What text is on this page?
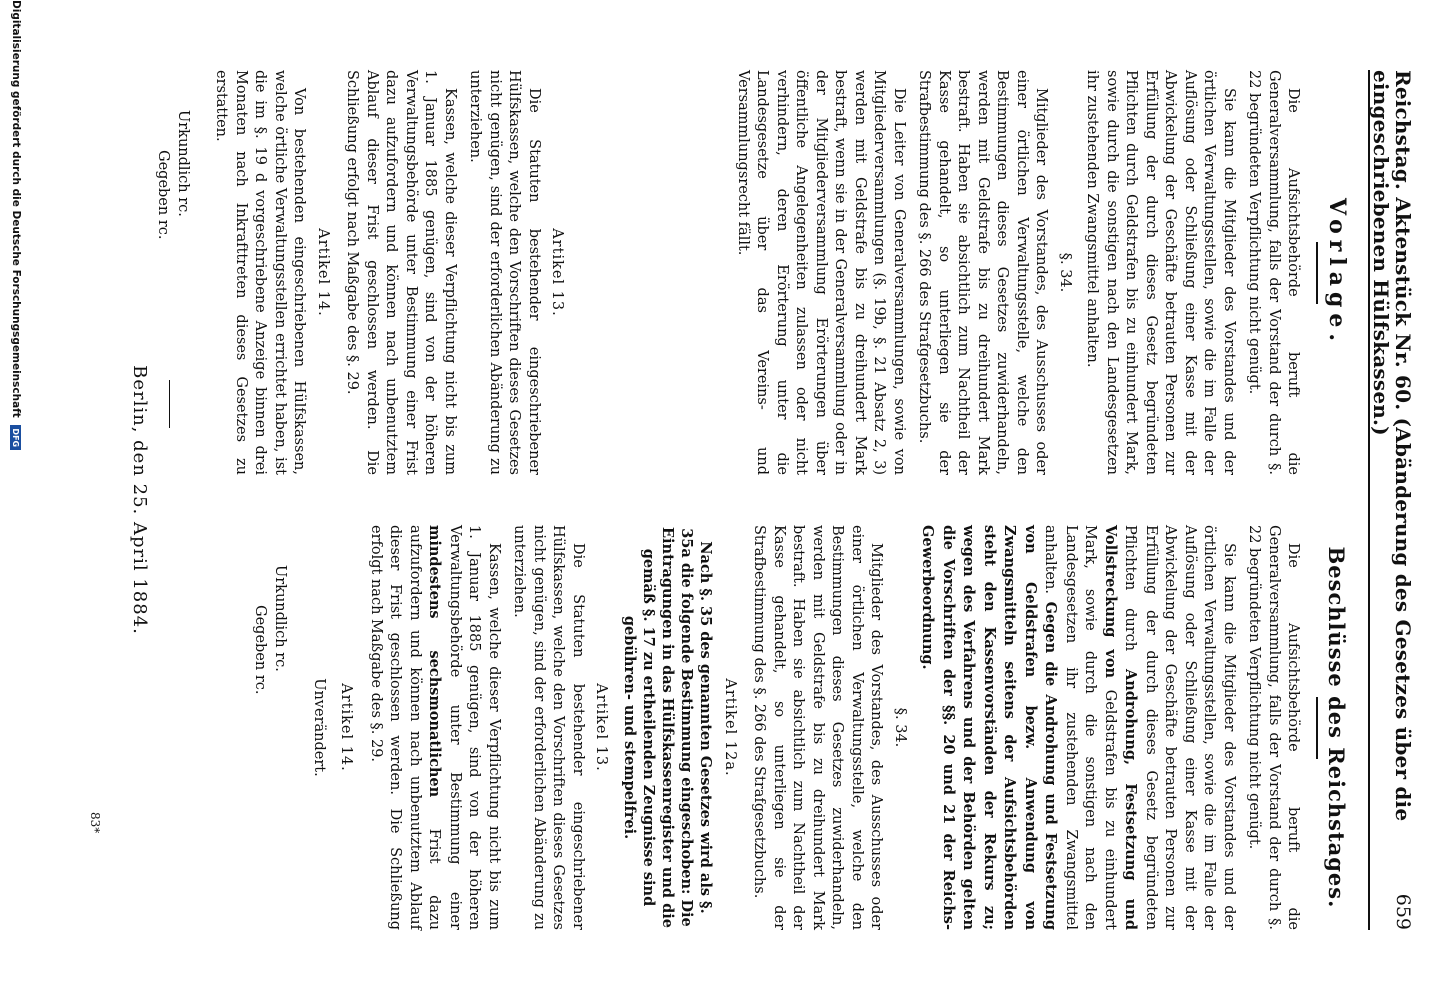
Reichstag. Aktenstück Nr. 60. (Abänderung des Gesetzes über die eingeschriebenen Hülfskassen.)
659
Vorlage.

Die Aufsichtsbehörde beruft die Generalversammlung, falls der Vorstand der durch §. 22 begründeten Verpflichtung nicht genügt.

Sie kann die Mitglieder des Vorstandes und der örtlichen Verwaltungsstellen, sowie die im Falle der Auflösung oder Schließung einer Kasse mit der Abwickelung der Geschäfte betrauten Personen zur Erfüllung der durch dieses Gesetz begründeten Pflichten durch Geldstrafen bis zu einhundert Mark, sowie durch die sonstigen nach den Landesgesetzen ihr zustehenden Zwangsmittel anhalten.

§. 34.

Mitglieder des Vorstandes, des Ausschusses oder einer örtlichen Verwaltungsstelle, welche den Bestimmungen dieses Gesetzes zuwiderhandeln, werden mit Geldstrafe bis zu dreihundert Mark bestraft. Haben sie absichtlich zum Nachtheil der Kasse gehandelt, so unterliegen sie der Strafbestimmung des §. 266 des Strafgesetzbuchs.

Die Leiter von Generalversammlungen, sowie von Mitgliederversammlungen (§. 19b, §. 21 Absatz 2, 3) werden mit Geldstrafe bis zu dreihundert Mark bestraft, wenn sie in der Generalversammlung oder in der Mitgliederversammlung Erörterungen über öffentliche Angelegenheiten zulassen oder nicht verhindern, deren Erörterung unter die Landesgesetze über das Vereins- und Versammlungsrecht fällt.

Artikel 13.

Die Statuten bestehender eingeschriebener Hülfskassen, welche den Vorschriften dieses Gesetzes nicht genügen, sind der erforderlichen Abänderung zu unterziehen.

Kassen, welche dieser Verpflichtung nicht bis zum 1. Januar 1885 genügen, sind von der höheren Verwaltungsbehörde unter Bestimmung einer Frist dazu aufzufordern und können nach unbenutztem Ablauf dieser Frist geschlossen werden. Die Schließung erfolgt nach Maßgabe des §. 29.

Artikel 14.

Von bestehenden eingeschriebenen Hülfskassen, welche örtliche Verwaltungsstellen errichtet haben, ist die im §. 19 d vorgeschriebene Anzeige binnen drei Monaten nach Inkrafttreten dieses Gesetzes zu erstatten.

Urkundlich rc.
Gegeben rc.
Beschlüsse des Reichstages.

Die Aufsichtsbehörde beruft die Generalversammlung, falls der Vorstand der durch §. 22 begründeten Verpflichtung nicht genügt.

Sie kann die Mitglieder des Vorstandes und der örtlichen Verwaltungsstellen, sowie die im Falle der Auflösung oder Schließung einer Kasse mit der Abwickelung der Geschäfte betrauten Personen zur Erfüllung der durch dieses Gesetz begründeten Pflichten durch Androhung, Festsetzung und Vollstreckung von Geldstrafen bis zu einhundert Mark, sowie durch die sonstigen nach den Landesgesetzen ihr zustehenden Zwangsmittel anhalten. Gegen die Androhung und Festsetzung von Geldstrafen bezw. Anwendung von Zwangsmitteln seitens der Aufsichtsbehörden steht den Kassenvorständen der Rekurs zu; wegen des Verfahrens und der Behörden gelten die Vorschriften der §§. 20 und 21 der Reichs-Gewerbeordnung.

§. 34.

Mitglieder des Vorstandes, des Ausschusses oder einer örtlichen Verwaltungsstelle, welche den Bestimmungen dieses Gesetzes zuwiderhandeln, werden mit Geldstrafe bis zu dreihundert Mark bestraft. Haben sie absichtlich zum Nachtheil der Kasse gehandelt, so unterliegen sie der Strafbestimmung des §. 266 des Strafgesetzbuchs.

Artikel 12a.

Nach §. 35 des genannten Gesetzes wird als §. 35a die folgende Bestimmung eingeschoben: Die Eintragungen in das Hülfskassenregister und die gemäß §. 17 zu ertheilenden Zeugnisse sind gebühren- und stempelfrei.

Artikel 13.

Die Statuten bestehender eingeschriebener Hülfskassen, welche den Vorschriften dieses Gesetzes nicht genügen, sind der erforderlichen Abänderung zu unterziehen.

Kassen, welche dieser Verpflichtung nicht bis zum 1. Januar 1885 genügen, sind von der höheren Verwaltungsbehörde unter Bestimmung einer mindestens sechsmonatlichen Frist dazu aufzufordern und können nach unbenutztem Ablauf dieser Frist geschlossen werden. Die Schließung erfolgt nach Maßgabe des §. 29.

Artikel 14.

Unverändert.

Urkundlich rc.
Gegeben rc.
Berlin, den 25. April 1884.
83*
Digitalisierung gefördert durch die Deutsche Forschungsgemeinschaft DFG
